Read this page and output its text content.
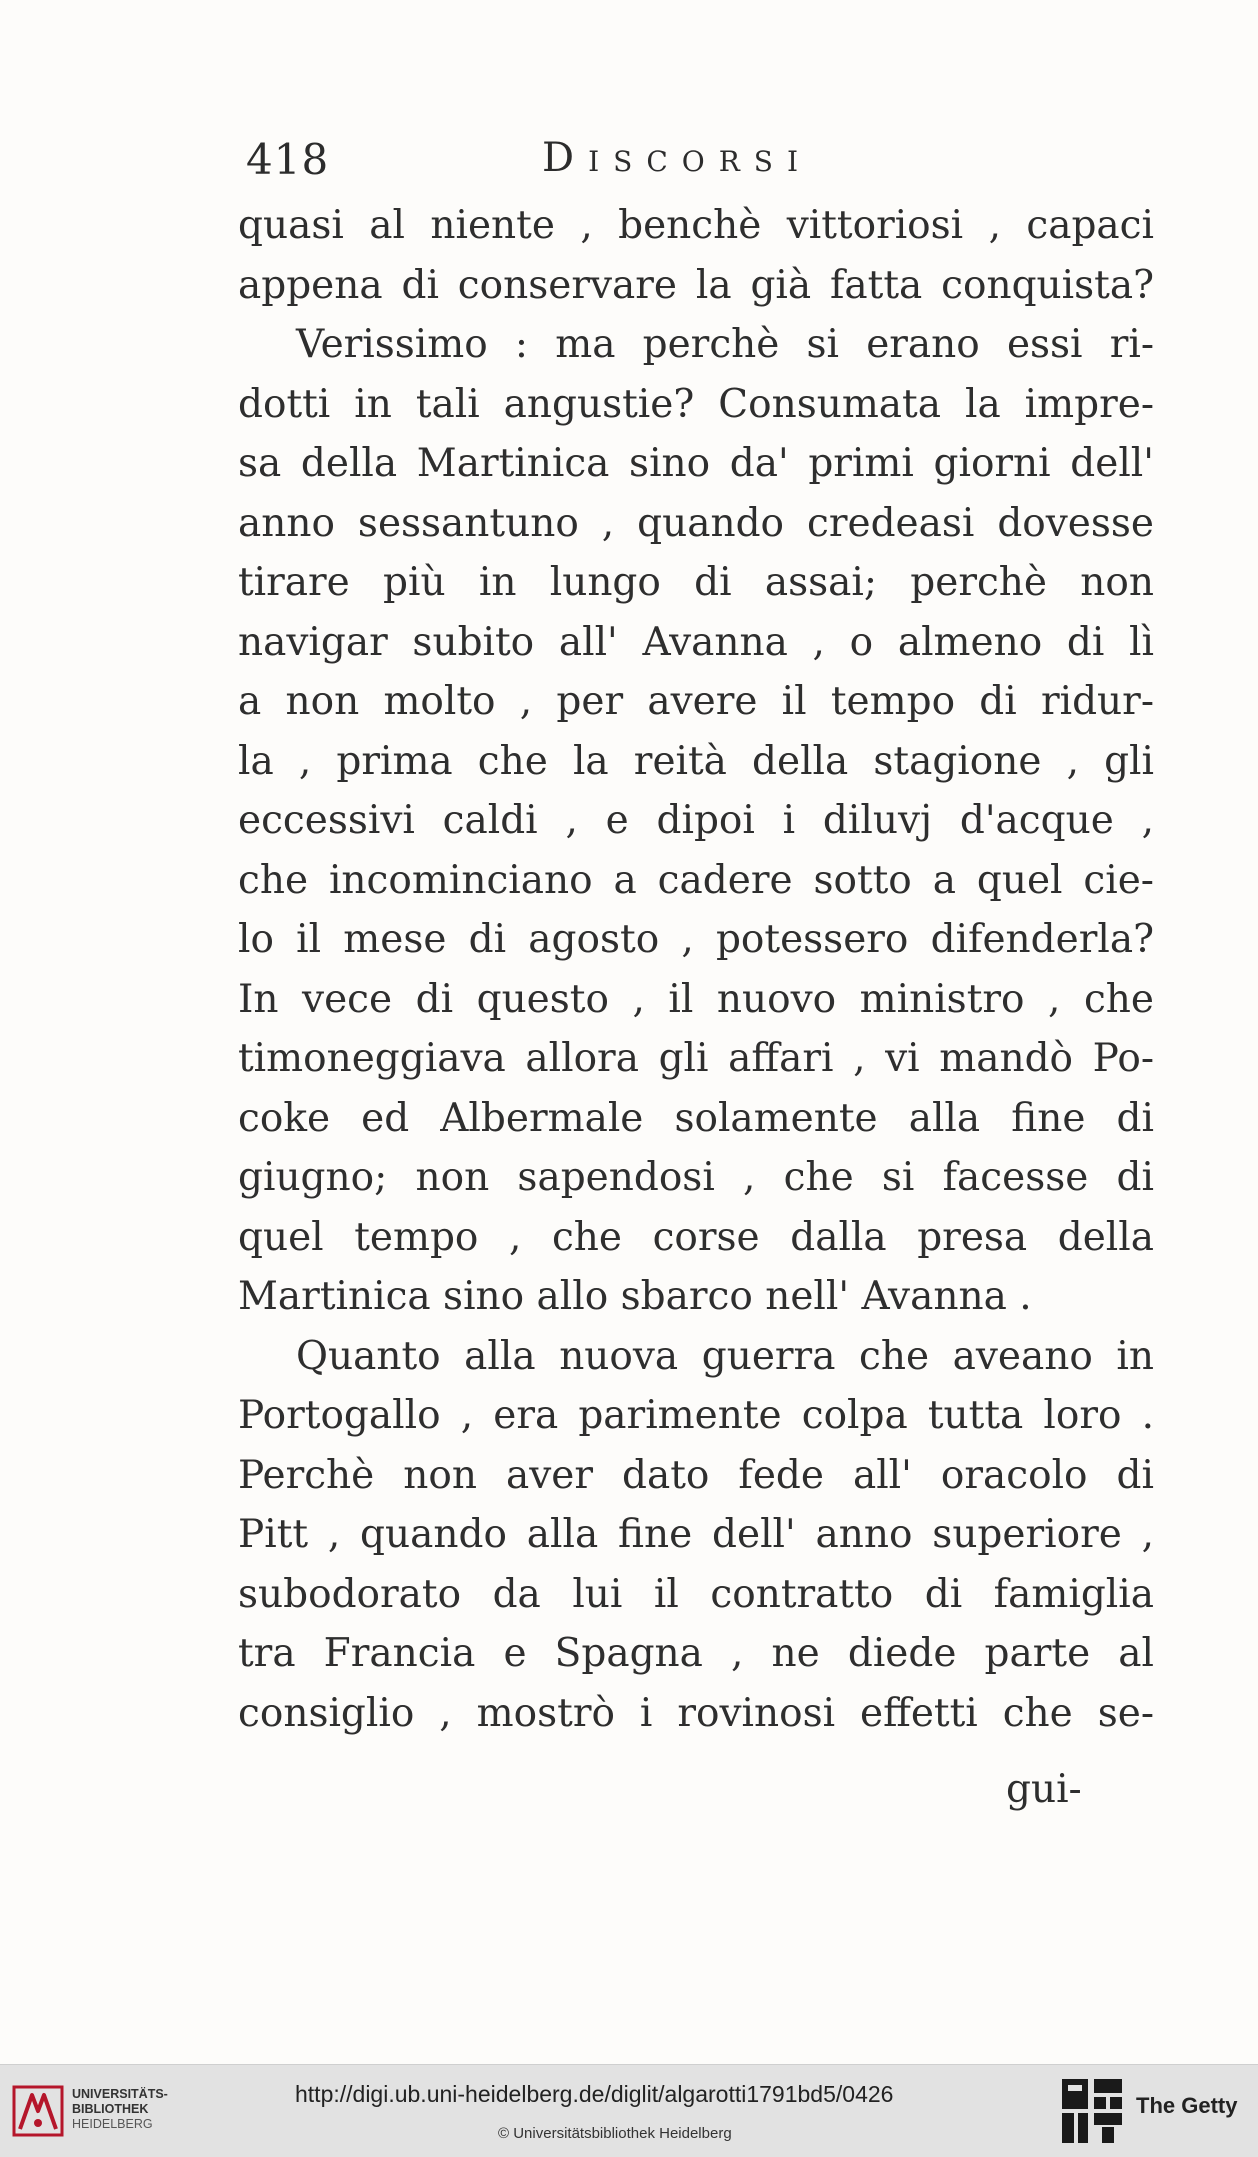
418	Discorsi
quasi al niente , benchè vittoriosi , capaci
appena di conservare la già fatta conquista?
Verissimo : ma perchè si erano essi ri-
dotti in tali angustie? Consumata la impre-
sa della Martinica sino da' primi giorni dell'
anno sessantuno , quando credeasi dovesse
tirare più in lungo di assai; perchè non
navigar subito all' Avanna , o almeno di lì
a non molto , per avere il tempo di ridur-
la , prima che la reità della stagione , gli
eccessivi caldi , e dipoi i diluvj d'acque ,
che incominciano a cadere sotto a quel cie-
lo il mese di agosto , potessero difenderla?
In vece di questo , il nuovo ministro , che
timoneggiava allora gli affari , vi mandò Po-
coke ed Albermale solamente alla fine di
giugno; non sapendosi , che si facesse di
quel tempo , che corse dalla presa della
Martinica sino allo sbarco nell' Avanna .
Quanto alla nuova guerra che aveano in
Portogallo , era parimente colpa tutta loro .
Perchè non aver dato fede all' oracolo di
Pitt , quando alla fine dell' anno superiore ,
subodorato da lui il contratto di famiglia
tra Francia e Spagna , ne diede parte al
consiglio , mostrò i rovinosi effetti che se-
gui-
UNIVERSITÄTS-
BIBLIOTHEK
HEIDELBERG
http://digi.ub.uni-heidelberg.de/diglit/algarotti1791bd5/0426
© Universitätsbibliothek Heidelberg
The Getty
